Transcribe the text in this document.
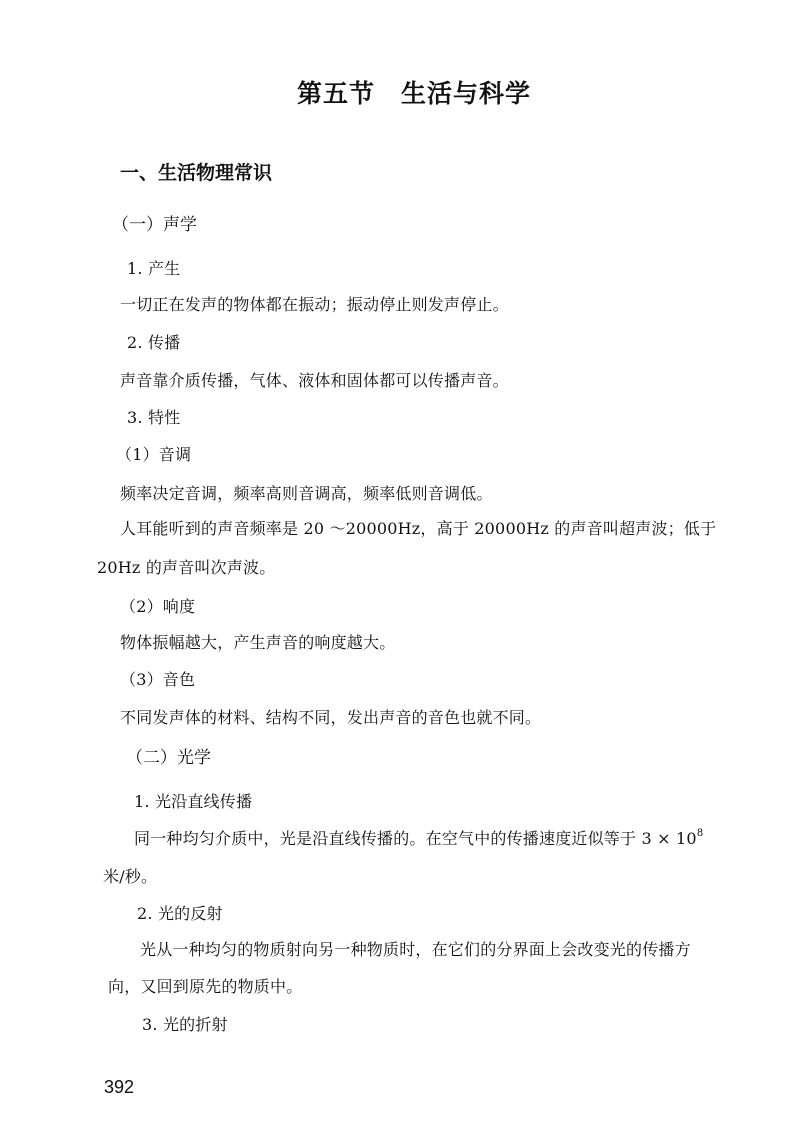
第五节　生活与科学
一、生活物理常识
（一）声学
1. 产生
一切正在发声的物体都在振动；振动停止则发声停止。
2. 传播
声音靠介质传播，气体、液体和固体都可以传播声音。
3. 特性
（1）音调
频率决定音调，频率高则音调高，频率低则音调低。
人耳能听到的声音频率是 20 ～20000Hz，高于 20000Hz 的声音叫超声波；低于
20Hz 的声音叫次声波。
（2）响度
物体振幅越大，产生声音的响度越大。
（3）音色
不同发声体的材料、结构不同，发出声音的音色也就不同。
（二）光学
1. 光沿直线传播
同一种均匀介质中，光是沿直线传播的。在空气中的传播速度近似等于 $3 \times 10^8$
米/秒。
2. 光的反射
光从一种均匀的物质射向另一种物质时，在它们的分界面上会改变光的传播方
向，又回到原先的物质中。
3. 光的折射
392
